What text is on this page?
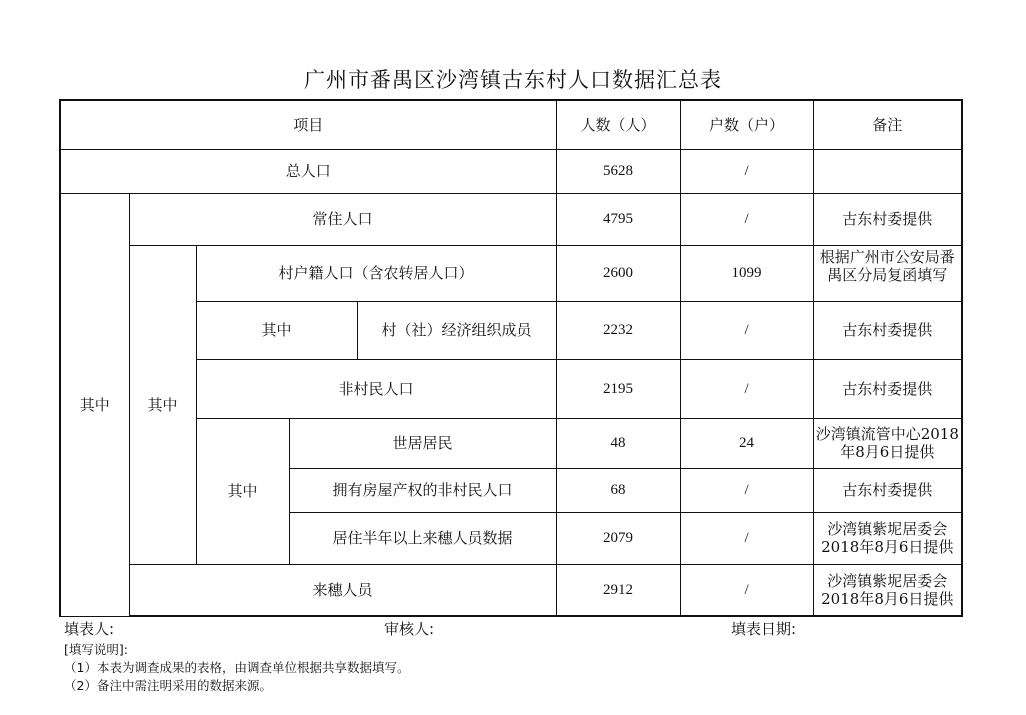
广州市番禺区沙湾镇古东村人口数据汇总表
项目					人数（人）	户数（户）	备注
总人口					5628	/	
其中	常住人口				4795	/	古东村委提供
	其中	村户籍人口（含农转居人口）			2600	1099	根据广州市公安局番禺区分局复函填写

		其中		村（社）经济组织成员	2232	/	古东村委提供
		非村民人口			2195	/	古东村委提供
		其中	世居居民		48	24	沙湾镇流管中心2018年8月6日提供
			拥有房屋产权的非村民人口		68	/	古东村委提供
			居住半年以上来穗人员数据		2079	/	沙湾镇紫坭居委会2018年8月6日提供
	来穗人员				2912	/	沙湾镇紫坭居委会2018年8月6日提供
填表人:	审核人:	填表日期:
[填写说明]:
（1）本表为调查成果的表格，由调查单位根据共享数据填写。
（2）备注中需注明采用的数据来源。
